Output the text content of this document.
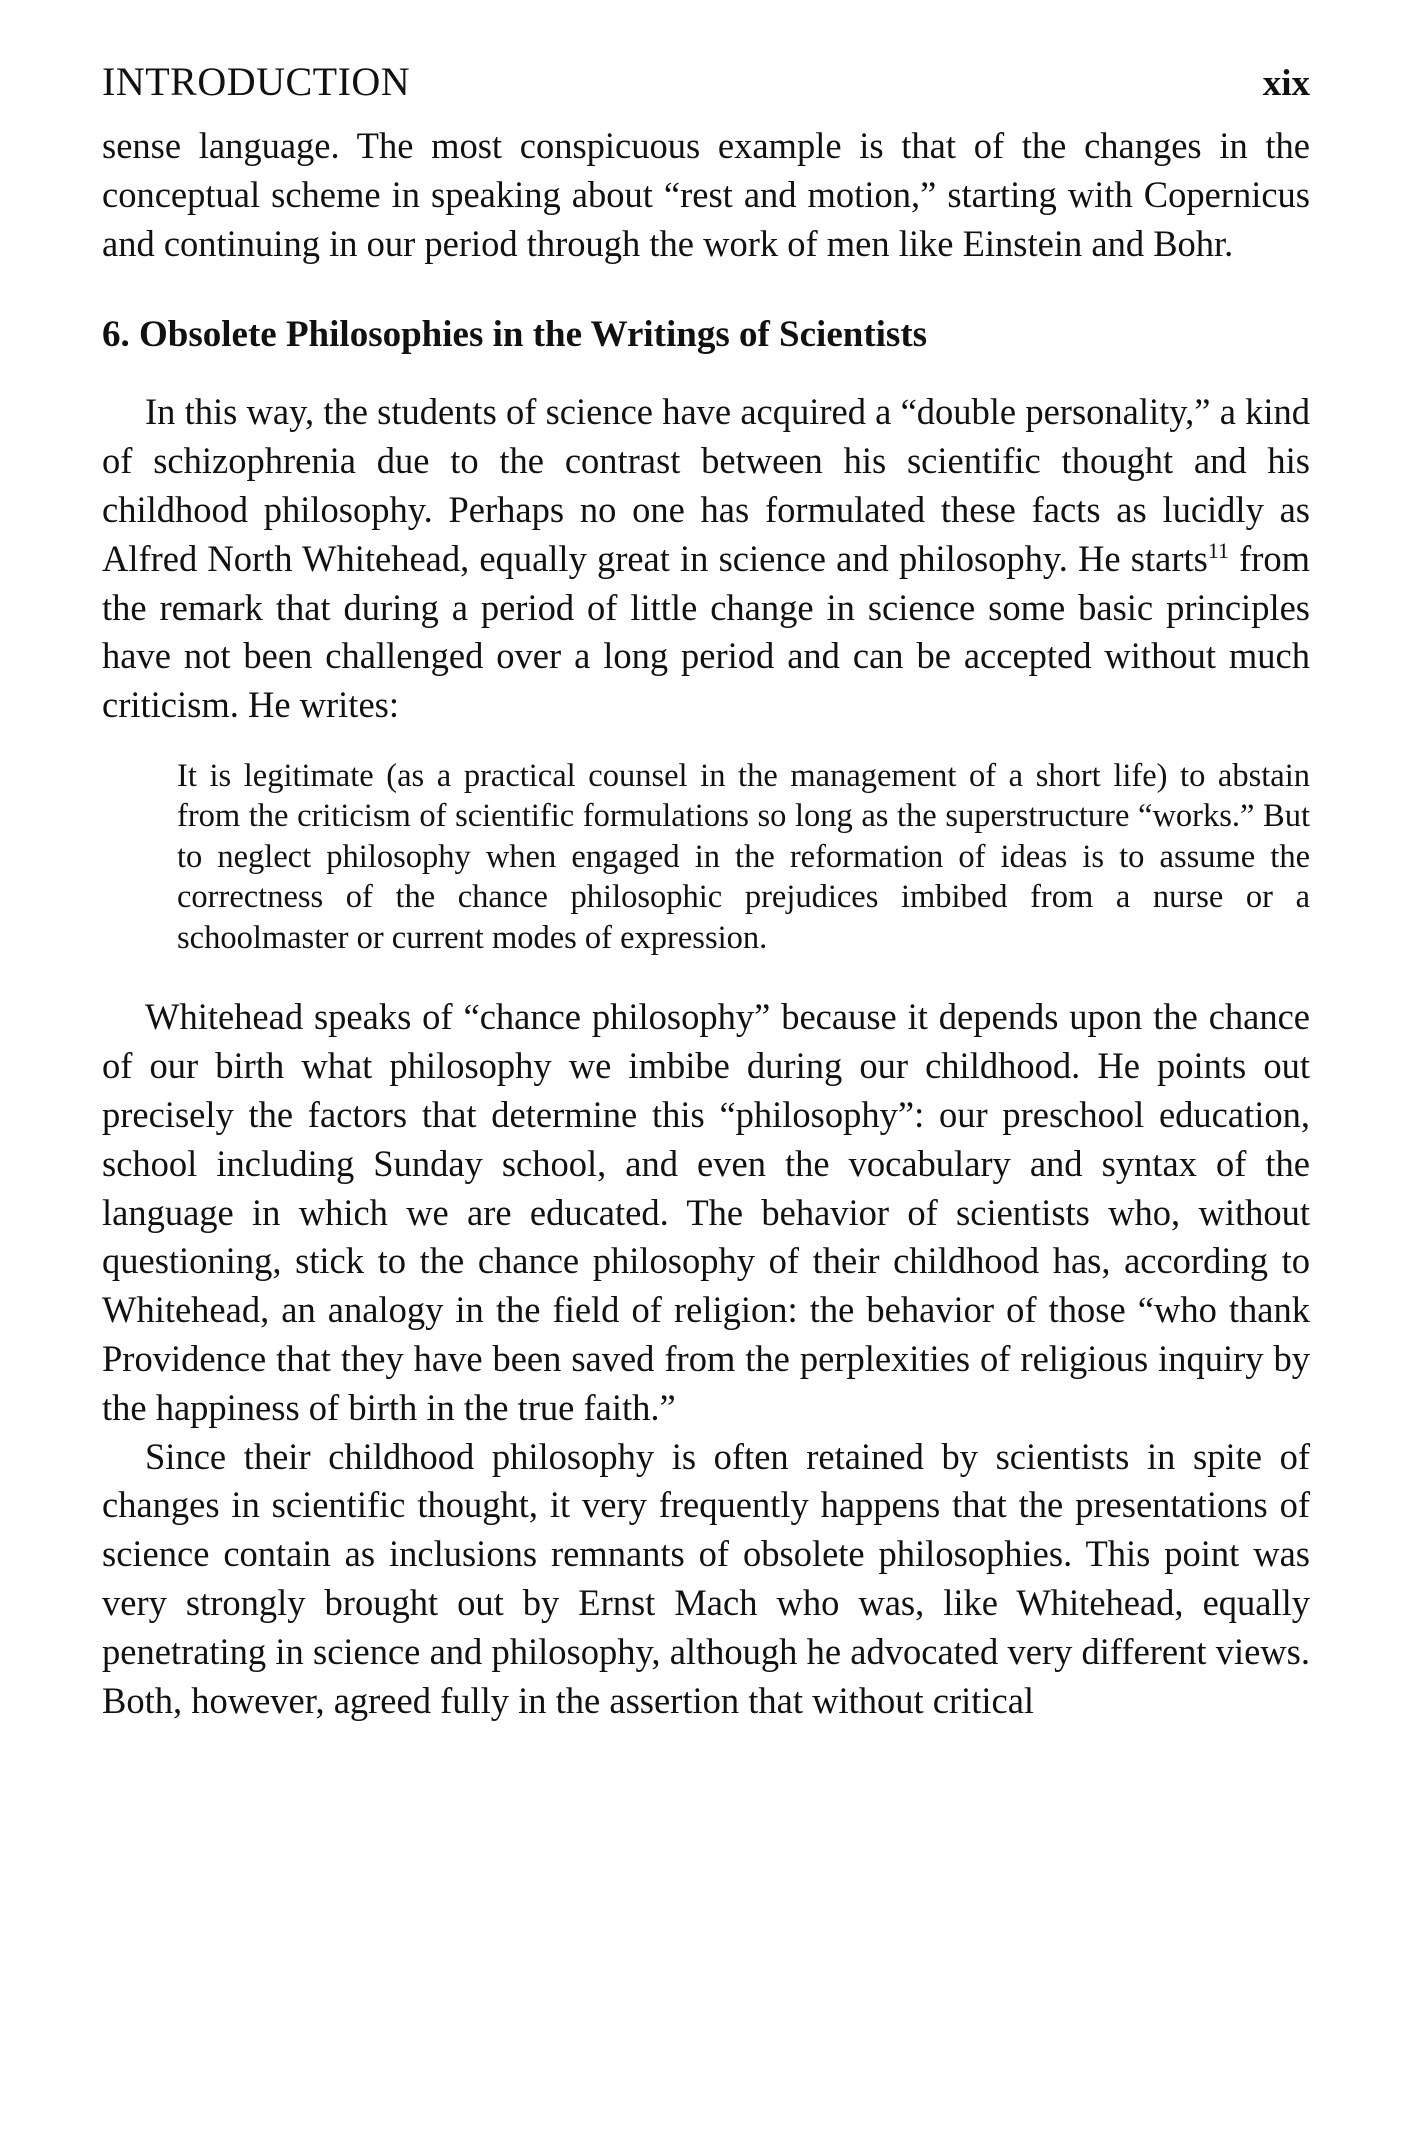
INTRODUCTION	xix

sense language. The most conspicuous example is that of the changes in the conceptual scheme in speaking about “rest and motion,” starting with Copernicus and continuing in our period through the work of men like Einstein and Bohr.

6. Obsolete Philosophies in the Writings of Scientists

In this way, the students of science have acquired a “double personality,” a kind of schizophrenia due to the contrast between his scientific thought and his childhood philosophy. Perhaps no one has formulated these facts as lucidly as Alfred North Whitehead, equally great in science and philosophy. He starts$^{11}$ from the remark that during a period of little change in science some basic principles have not been challenged over a long period and can be accepted without much criticism. He writes:

It is legitimate (as a practical counsel in the management of a short life) to abstain from the criticism of scientific formulations so long as the superstructure “works.” But to neglect philosophy when engaged in the reformation of ideas is to assume the correctness of the chance philosophic prejudices imbibed from a nurse or a schoolmaster or current modes of expression.

Whitehead speaks of “chance philosophy” because it depends upon the chance of our birth what philosophy we imbibe during our childhood. He points out precisely the factors that determine this “philosophy”: our preschool education, school including Sunday school, and even the vocabulary and syntax of the language in which we are educated. The behavior of scientists who, without questioning, stick to the chance philosophy of their childhood has, according to Whitehead, an analogy in the field of religion: the behavior of those “who thank Providence that they have been saved from the perplexities of religious inquiry by the happiness of birth in the true faith.”

Since their childhood philosophy is often retained by scientists in spite of changes in scientific thought, it very frequently happens that the presentations of science contain as inclusions remnants of obsolete philosophies. This point was very strongly brought out by Ernst Mach who was, like Whitehead, equally penetrating in science and philosophy, although he advocated very different views. Both, however, agreed fully in the assertion that without critical
